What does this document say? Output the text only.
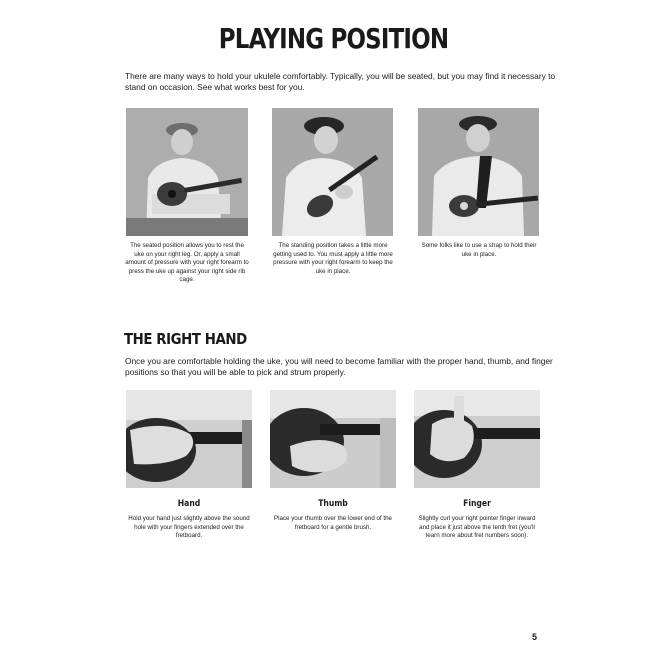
PLAYING POSITION
There are many ways to hold your ukulele comfortably. Typically, you will be seated, but you may find it necessary to stand on occasion. See what works best for you.
The seated position allows you to rest the uke on your right leg. Or, apply a small amount of pressure with your right forearm to press the uke up against your right side rib cage.
The standing position takes a little more getting used to. You must apply a little more pressure with your right forearm to keep the uke in place.
Some folks like to use a strap to hold their uke in place.
THE RIGHT HAND
Once you are comfortable holding the uke, you will need to become familiar with the proper hand, thumb, and finger positions so that you will be able to pick and strum properly.
Hand	Thumb	Finger
Hold your hand just slightly above the sound hole with your fingers extended over the fretboard.
Place your thumb over the lower end of the fretboard for a gentle brush.
Slightly curl your right pointer finger inward and place it just above the tenth fret (you'll learn more about fret numbers soon).
5
